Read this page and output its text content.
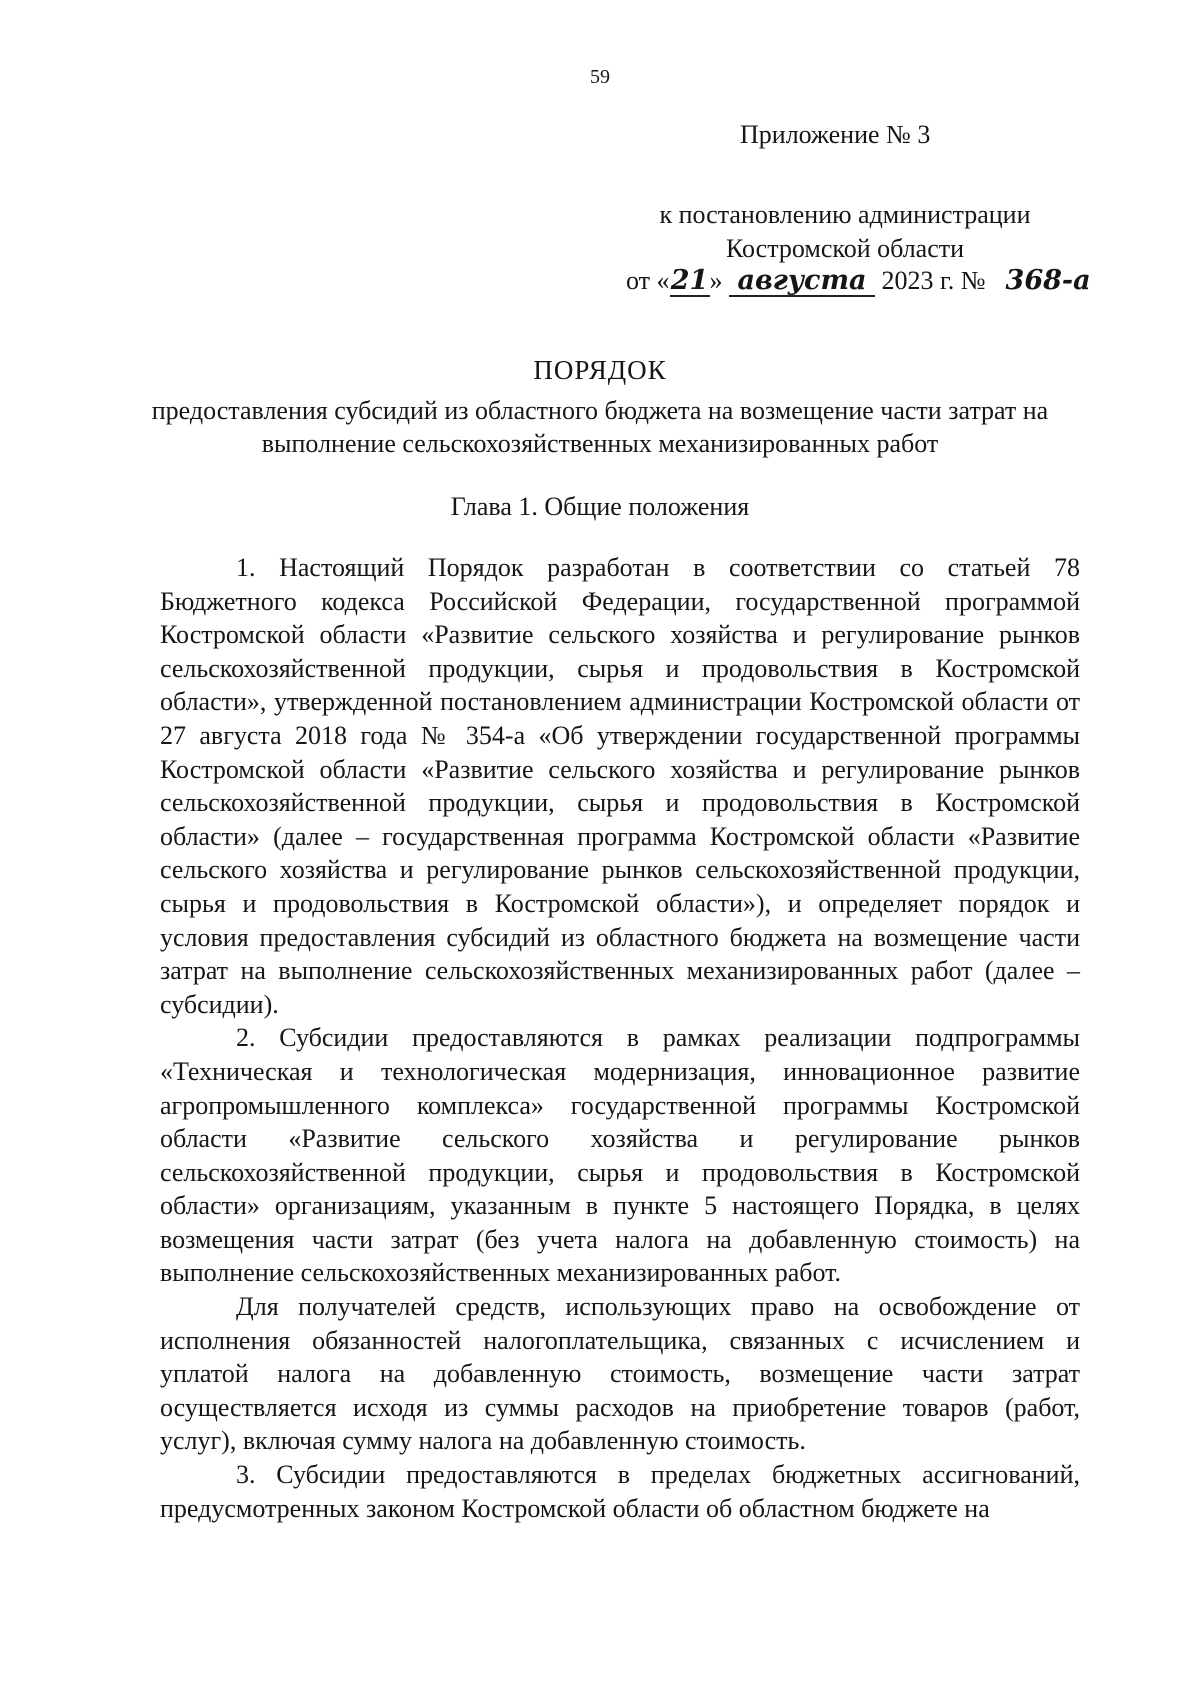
59
Приложение № 3
к постановлению администрации
Костромской области
от «21» августа 2023 г. № 368-а
ПОРЯДОК
предоставления субсидий из областного бюджета на возмещение части затрат на выполнение сельскохозяйственных механизированных работ
Глава 1. Общие положения

1. Настоящий Порядок разработан в соответствии со статьей 78 Бюджетного кодекса Российской Федерации, государственной программой Костромской области «Развитие сельского хозяйства и регулирование рынков сельскохозяйственной продукции, сырья и продовольствия в Костромской области», утвержденной постановлением администрации Костромской области от 27 августа 2018 года № 354-а «Об утверждении государственной программы Костромской области «Развитие сельского хозяйства и регулирование рынков сельскохозяйственной продукции, сырья и продовольствия в Костромской области» (далее – государственная программа Костромской области «Развитие сельского хозяйства и регулирование рынков сельскохозяйственной продукции, сырья и продовольствия в Костромской области»), и определяет порядок и условия предоставления субсидий из областного бюджета на возмещение части затрат на выполнение сельскохозяйственных механизированных работ (далее – субсидии).

2. Субсидии предоставляются в рамках реализации подпрограммы «Техническая и технологическая модернизация, инновационное развитие агропромышленного комплекса» государственной программы Костромской области «Развитие сельского хозяйства и регулирование рынков сельскохозяйственной продукции, сырья и продовольствия в Костромской области» организациям, указанным в пункте 5 настоящего Порядка, в целях возмещения части затрат (без учета налога на добавленную стоимость) на выполнение сельскохозяйственных механизированных работ.

Для получателей средств, использующих право на освобождение от исполнения обязанностей налогоплательщика, связанных с исчислением и уплатой налога на добавленную стоимость, возмещение части затрат осуществляется исходя из суммы расходов на приобретение товаров (работ, услуг), включая сумму налога на добавленную стоимость.

3. Субсидии предоставляются в пределах бюджетных ассигнований, предусмотренных законом Костромской области об областном бюджете на
